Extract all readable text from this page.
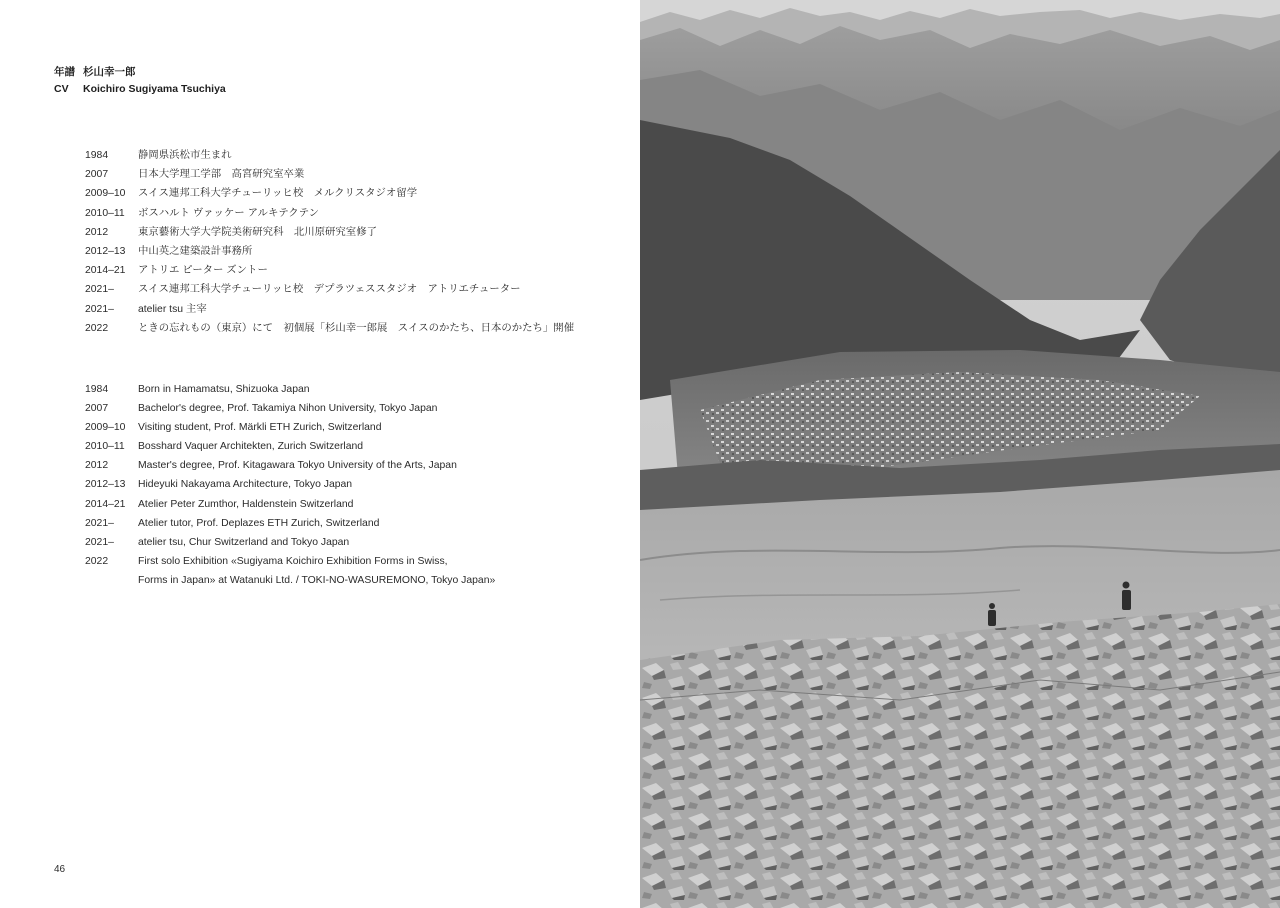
年譜 杉山幸一郎
CV	Koichiro Sugiyama Tsuchiya
1984	静岡県浜松市生まれ
2007	日本大学理工学部　高宮研究室卒業
2009–10	スイス連邦工科大学チューリッヒ校　メルクリスタジオ留学
2010–11	ボスハルト ヴァッケー アルキテクテン
2012	東京藝術大学大学院美術研究科　北川原研究室修了
2012–13	中山英之建築設計事務所
2014–21	アトリエ ピーター ズントー
2021–	スイス連邦工科大学チューリッヒ校　デプラツェススタジオ　アトリエチューター
2021–	atelier tsu 主宰
2022	ときの忘れもの（東京）にて　初個展「杉山幸一郎展　スイスのかたち、日本のかたち」開催
1984	Born in Hamamatsu, Shizuoka Japan
2007	Bachelor's degree, Prof. Takamiya Nihon University, Tokyo Japan
2009–10	Visiting student, Prof. Märkli ETH Zurich, Switzerland
2010–11	Bosshard Vaquer Architekten, Zurich Switzerland
2012	Master's degree, Prof. Kitagawara Tokyo University of the Arts, Japan
2012–13	Hideyuki Nakayama Architecture, Tokyo Japan
2014–21	Atelier Peter Zumthor, Haldenstein Switzerland
2021–	Atelier tutor, Prof. Deplazes ETH Zurich, Switzerland
2021–	atelier tsu, Chur Switzerland and Tokyo Japan
2022	First solo Exhibition «Sugiyama Koichiro Exhibition Forms in Swiss,
Forms in Japan» at Watanuki Ltd. / TOKI-NO-WASUREMONO, Tokyo Japan»
46
